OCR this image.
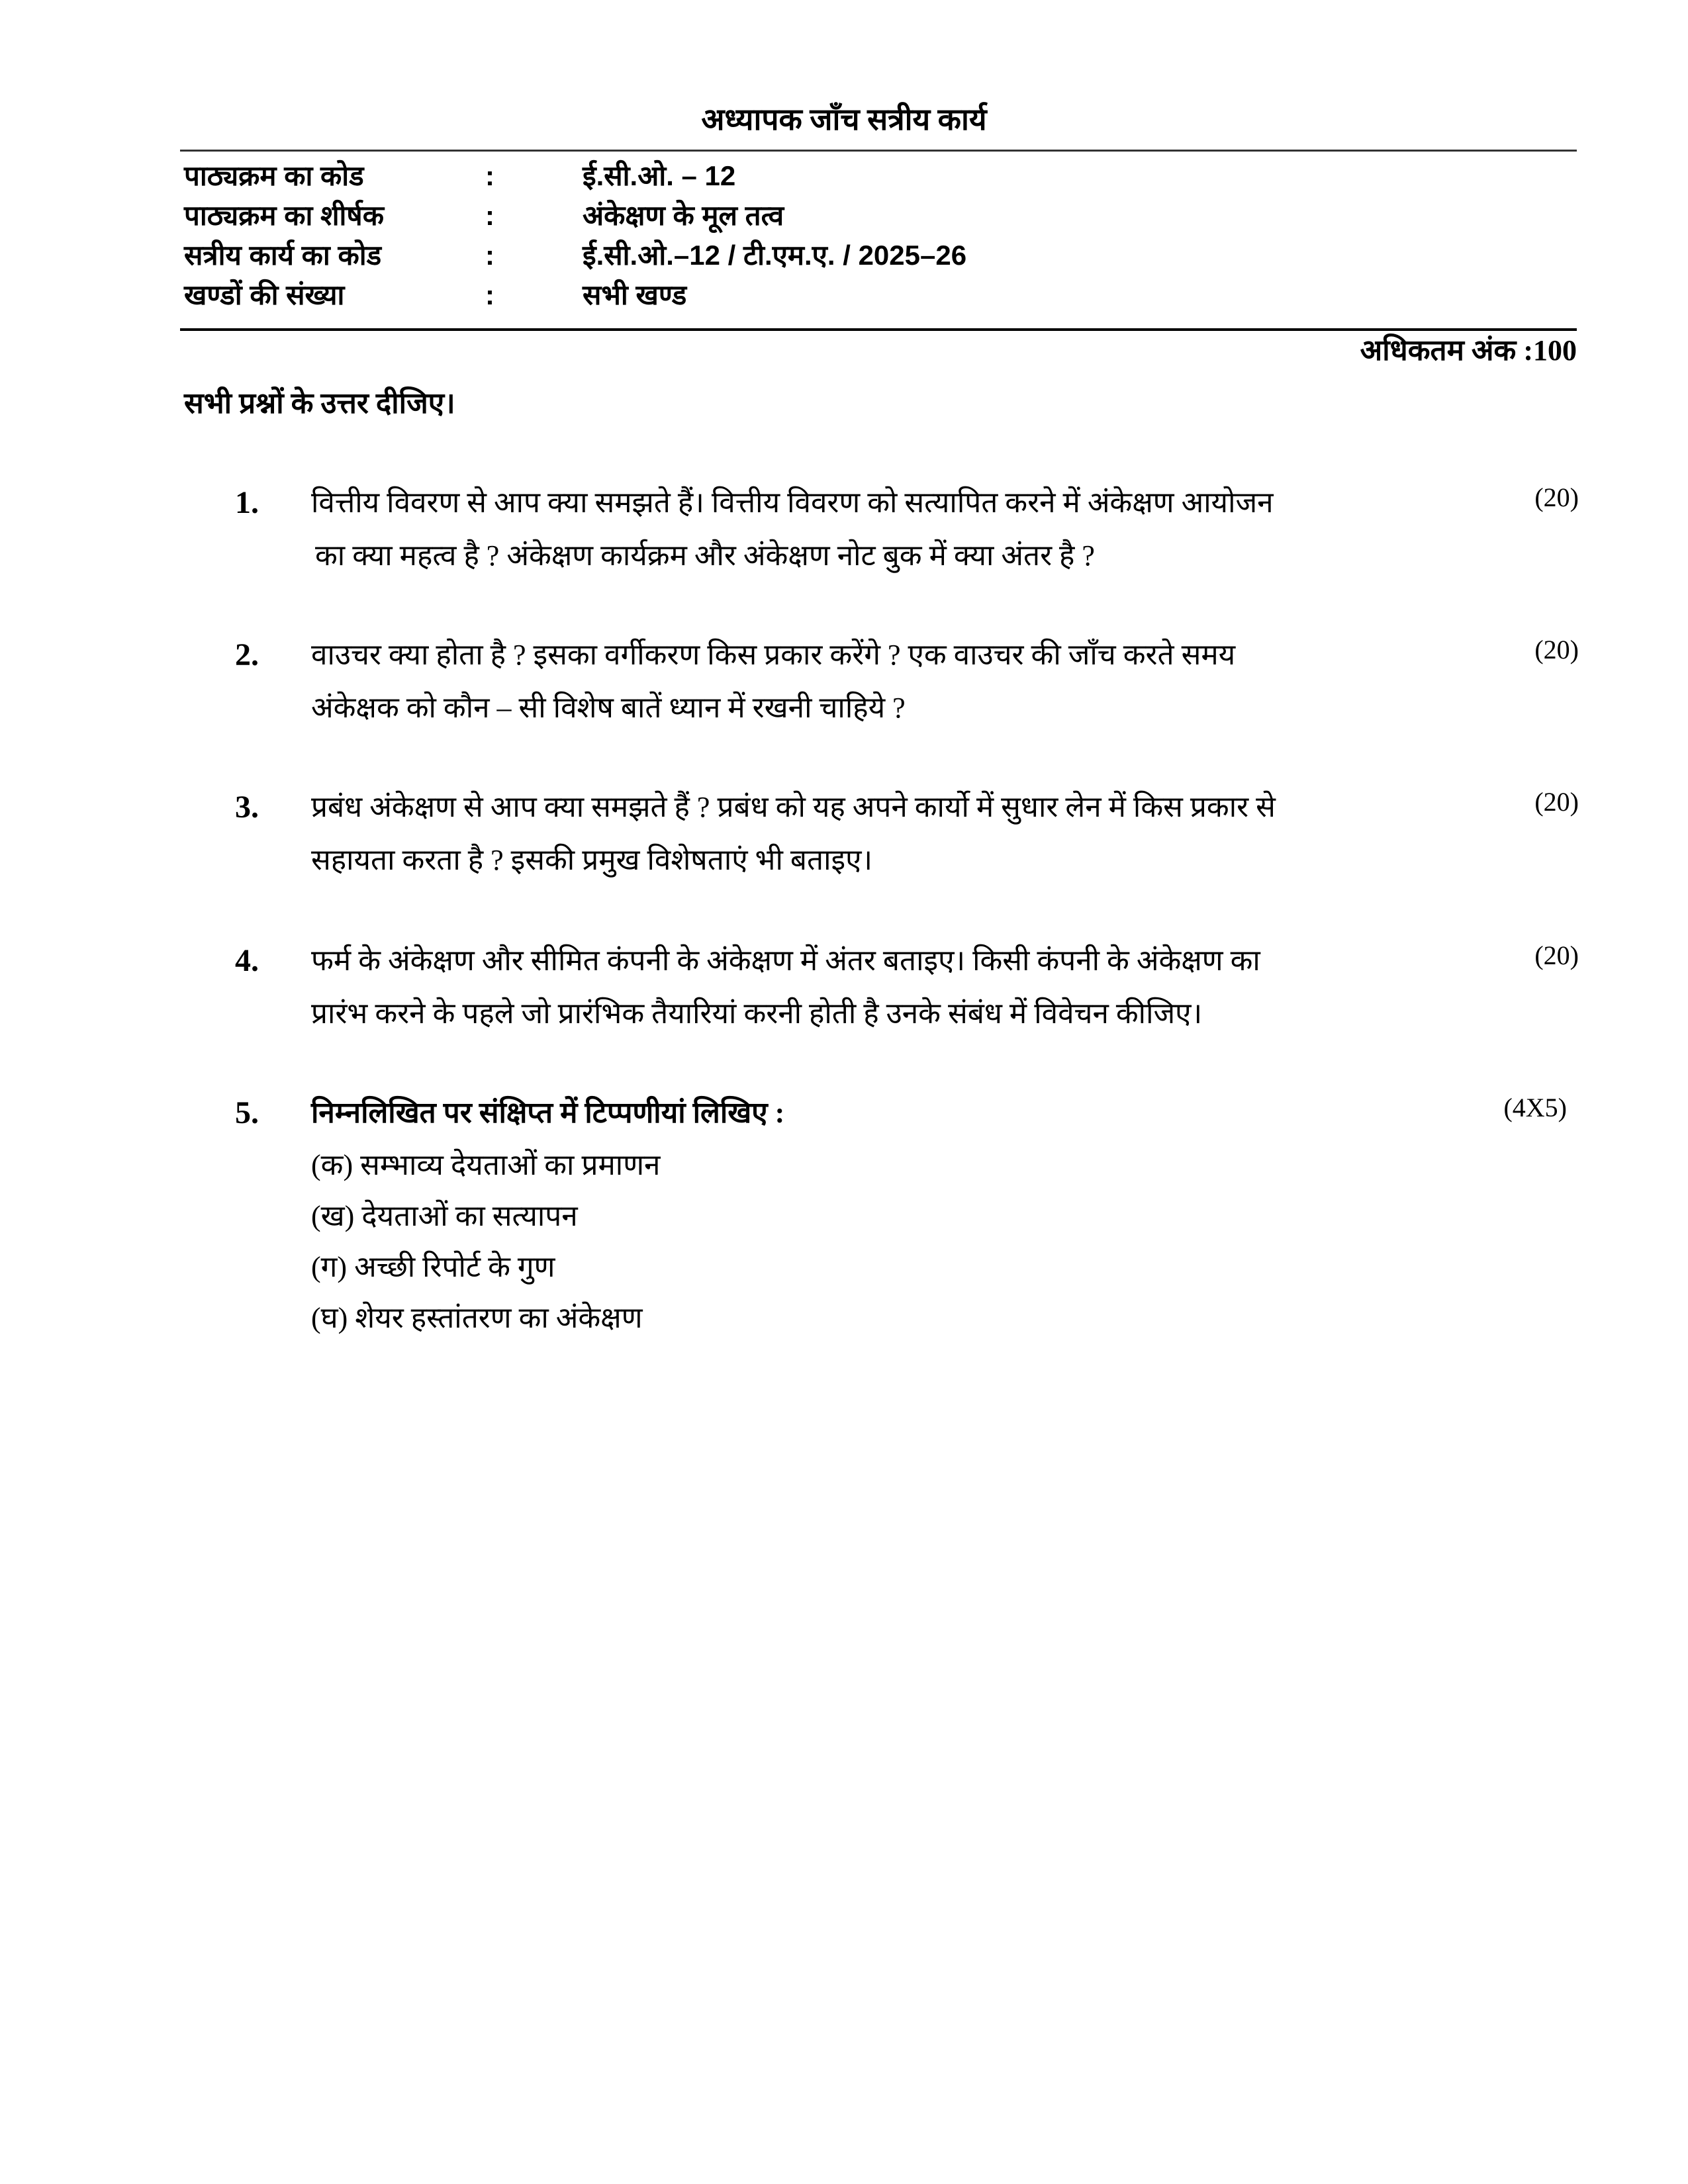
अध्यापक जाँच सत्रीय कार्य
पाठ्यक्रम का कोड	:	ई.सी.ओ. – 12
पाठ्यक्रम का शीर्षक	:	अंकेक्षण के मूल तत्व
सत्रीय कार्य का कोड	:	ई.सी.ओ.–12 / टी.एम.ए. / 2025–26
खण्डों की संख्या	:	सभी खण्ड
अधिकतम अंक :100
सभी प्रश्नों के उत्तर दीजिए।
1. वित्तीय विवरण से आप क्या समझते हैं। वित्तीय विवरण को सत्यापित करने में अंकेक्षण आयोजन
का क्या महत्व है ? अंकेक्षण कार्यक्रम और अंकेक्षण नोट बुक में क्या अंतर है ?
(20)
2. वाउचर क्या होता है ? इसका वर्गीकरण किस प्रकार करेंगे ? एक वाउचर की जाँच करते समय
अंकेक्षक को कौन – सी विशेष बातें ध्यान में रखनी चाहिये ?
(20)
3. प्रबंध अंकेक्षण से आप क्या समझते हैं ? प्रबंध को यह अपने कार्यो में सुधार लेन में किस प्रकार से
सहायता करता है ? इसकी प्रमुख विशेषताएं भी बताइए।
(20)
4. फर्म के अंकेक्षण और सीमित कंपनी के अंकेक्षण में अंतर बताइए। किसी कंपनी के अंकेक्षण का
प्रारंभ करने के पहले जो प्रारंभिक तैयारियां करनी होती है उनके संबंध में विवेचन कीजिए।
(20)
5. निम्नलिखित पर संक्षिप्त में टिप्पणीयां लिखिए :	(4X5)
(क) सम्भाव्य देयताओं का प्रमाणन
(ख) देयताओं का सत्यापन
(ग) अच्छी रिपोर्ट के गुण
(घ) शेयर हस्तांतरण का अंकेक्षण
